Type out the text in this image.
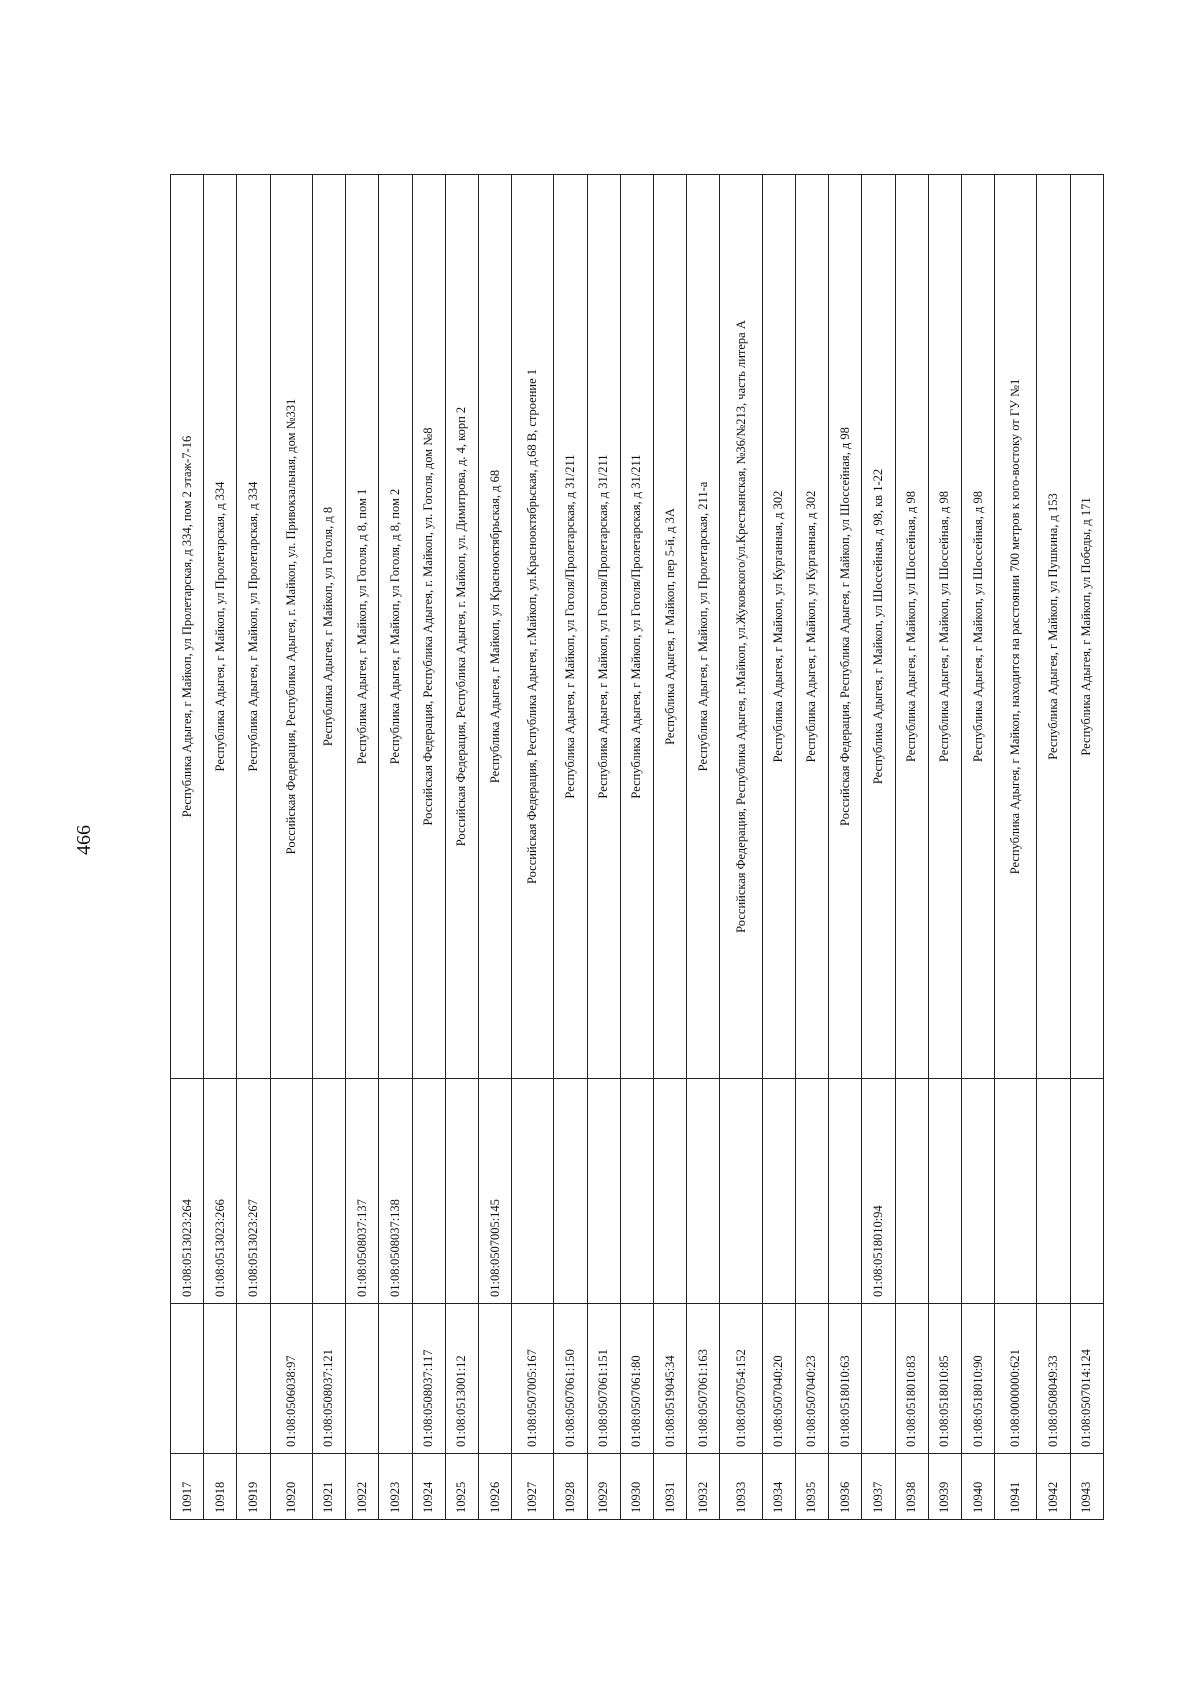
466
10917		01:08:0513023:264	Республика Адыгея, г Майкоп, ул Пролетарская, д 334, пом 2 этаж-7-16
10918		01:08:0513023:266	Республика Адыгея, г Майкоп, ул Пролетарская, д 334
10919		01:08:0513023:267	Республика Адыгея, г Майкоп, ул Пролетарская, д 334
10920	01:08:0506038:97		Российская Федерация, Республика Адыгея, г. Майкоп, ул. Привокзальная, дом №331
10921	01:08:0508037:121		Республика Адыгея, г Майкоп, ул Гоголя, д 8
10922		01:08:0508037:137	Республика Адыгея, г Майкоп, ул Гоголя, д 8, пом 1
10923		01:08:0508037:138	Республика Адыгея, г Майкоп, ул Гоголя, д 8, пом 2
10924	01:08:0508037:117		Российская Федерация, Республика Адыгея, г. Майкоп, ул. Гоголя, дом №8
10925	01:08:0513001:12		Российская Федерация, Республика Адыгея, г. Майкоп, ул. Димитрова, д. 4, корп 2
10926		01:08:0507005:145	Республика Адыгея, г Майкоп, ул Краснооктябрьская, д 68
10927	01:08:0507005:167		Российская Федерация, Республика Адыгея, г.Майкоп, ул.Краснооктябрьская, д.68 В, строение 1
10928	01:08:0507061:150		Республика Адыгея, г Майкоп, ул Гоголя/Пролетарская, д 31/211
10929	01:08:0507061:151		Республика Адыгея, г Майкоп, ул Гоголя/Пролетарская, д 31/211
10930	01:08:0507061:80		Республика Адыгея, г Майкоп, ул Гоголя/Пролетарская, д 31/211
10931	01:08:0519045:34		Республика Адыгея, г Майкоп, пер 5-й, д 3А
10932	01:08:0507061:163		Республика Адыгея, г Майкоп, ул Пролетарская, 211-а
10933	01:08:0507054:152		Российская Федерация, Республика Адыгея, г.Майкоп, ул.Жуковского/ул.Крестьянская, №36/№213, часть литера А
10934	01:08:0507040:20		Республика Адыгея, г Майкоп, ул Курганная, д 302
10935	01:08:0507040:23		Республика Адыгея, г Майкоп, ул Курганная, д 302
10936	01:08:0518010:63		Российская Федерация, Республика Адыгея, г Майкоп, ул Шоссейная, д 98
10937		01:08:0518010:94	Республика Адыгея, г Майкоп, ул Шоссейная, д 98, кв 1-22
10938	01:08:0518010:83		Республика Адыгея, г Майкоп, ул Шоссейная, д 98
10939	01:08:0518010:85		Республика Адыгея, г Майкоп, ул Шоссейная, д 98
10940	01:08:0518010:90		Республика Адыгея, г Майкоп, ул Шоссейная, д 98
10941	01:08:0000000:621		Республика Адыгея, г Майкоп, находится на расстоянии 700 метров к юго-востоку от ГУ №1
10942	01:08:0508049:33		Республика Адыгея, г Майкоп, ул Пушкина, д 153
10943	01:08:0507014:124		Республика Адыгея, г Майкоп, ул Победы, д 171
